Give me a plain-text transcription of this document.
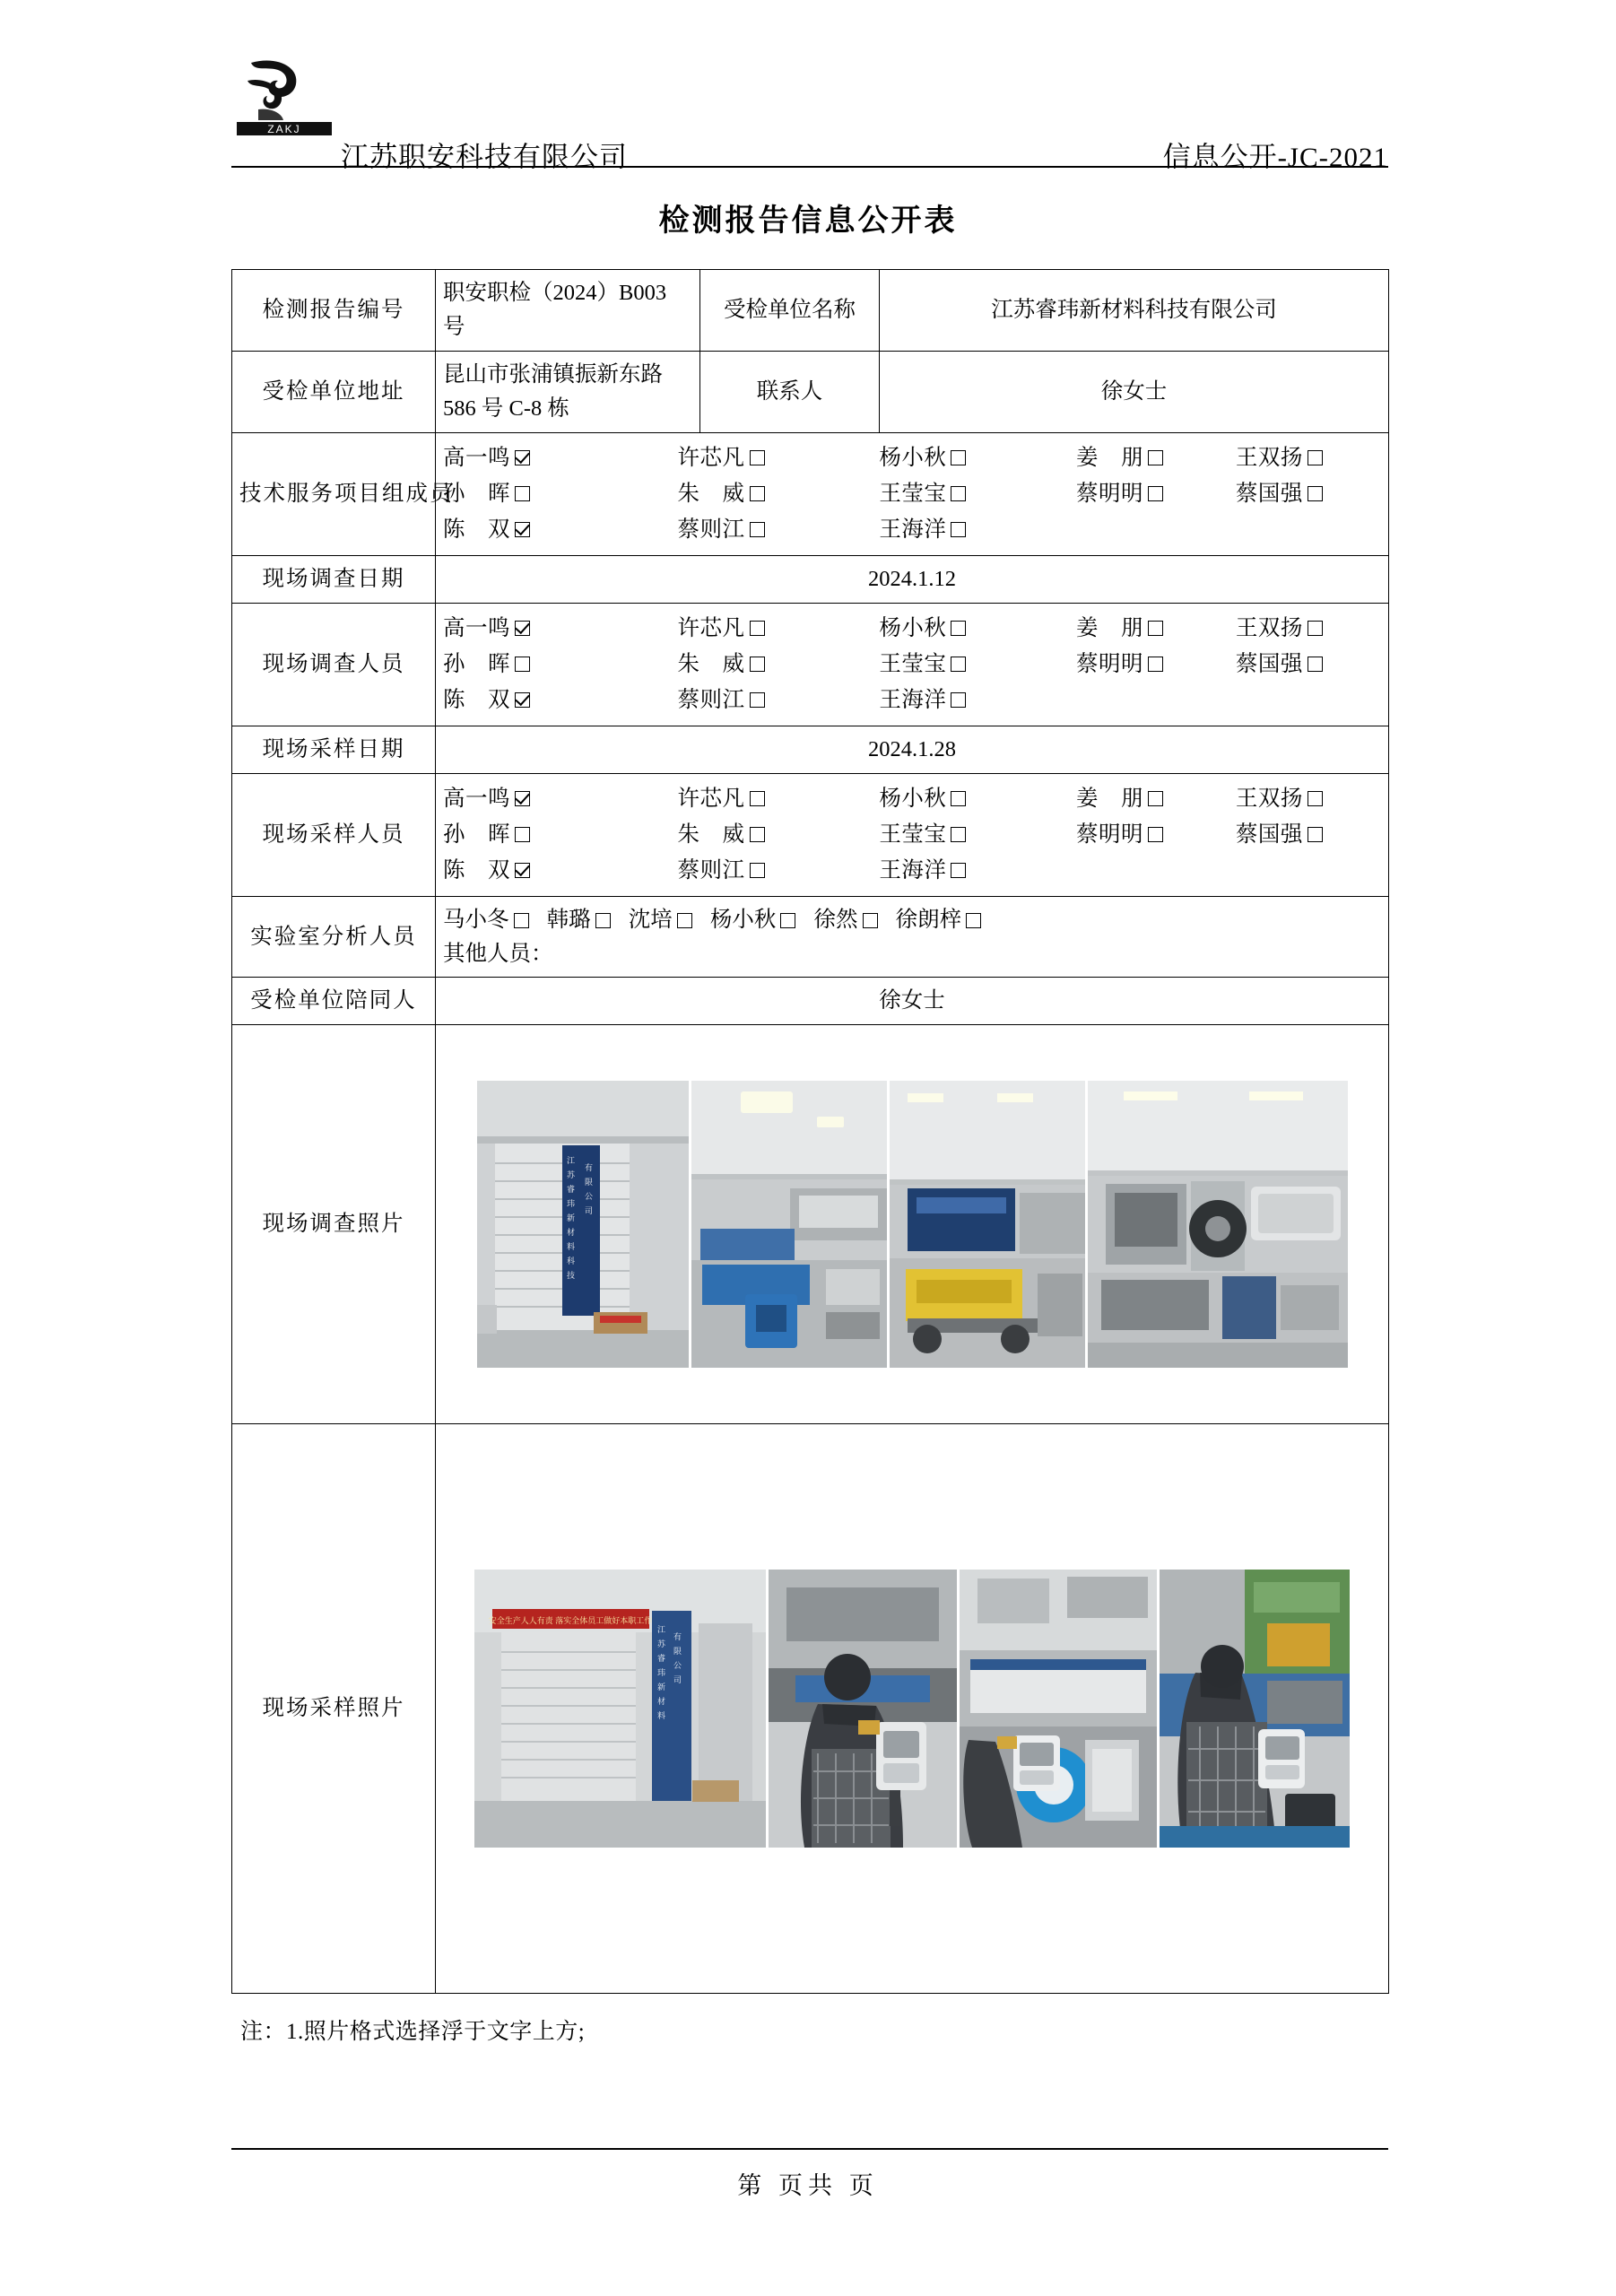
ZAKJ
江苏职安科技有限公司	信息公开-JC-2021
检测报告信息公开表
检测报告编号	职安职检（2024）B003 号	受检单位名称	江苏睿玮新材料科技有限公司
受检单位地址	昆山市张浦镇振新东路 586 号 C-8 栋	联系人	徐女士
技术服务项目组成员	
高一鸣	许芯凡	杨小秋	姜　朋	王双扬
孙　晖	朱　威	王莹宝	蔡明明	蔡国强
陈　双	蔡则江	王海洋

现场调查日期	2024.1.12		
现场调查人员	
高一鸣	许芯凡	杨小秋	姜　朋	王双扬
孙　晖	朱　威	王莹宝	蔡明明	蔡国强
陈　双	蔡则江	王海洋

现场采样日期	2024.1.28		
现场采样人员	
高一鸣	许芯凡	杨小秋	姜　朋	王双扬
孙　晖	朱　威	王莹宝	蔡明明	蔡国强
陈　双	蔡则江	王海洋

实验室分析人员	马小冬 韩璐 沈培 杨小秋 徐然 徐朗梓
其他人员：		

受检单位陪同人	徐女士		
现场调查照片	
江
苏
睿
玮
新
材
料
科
技
有
限
公
司

现场采样照片	
安全生产人人有责 落实全体员工做好本职工作
江
苏
睿
玮
新
材
料
有
限
公
司
注：1.照片格式选择浮于文字上方;
第 页共 页
